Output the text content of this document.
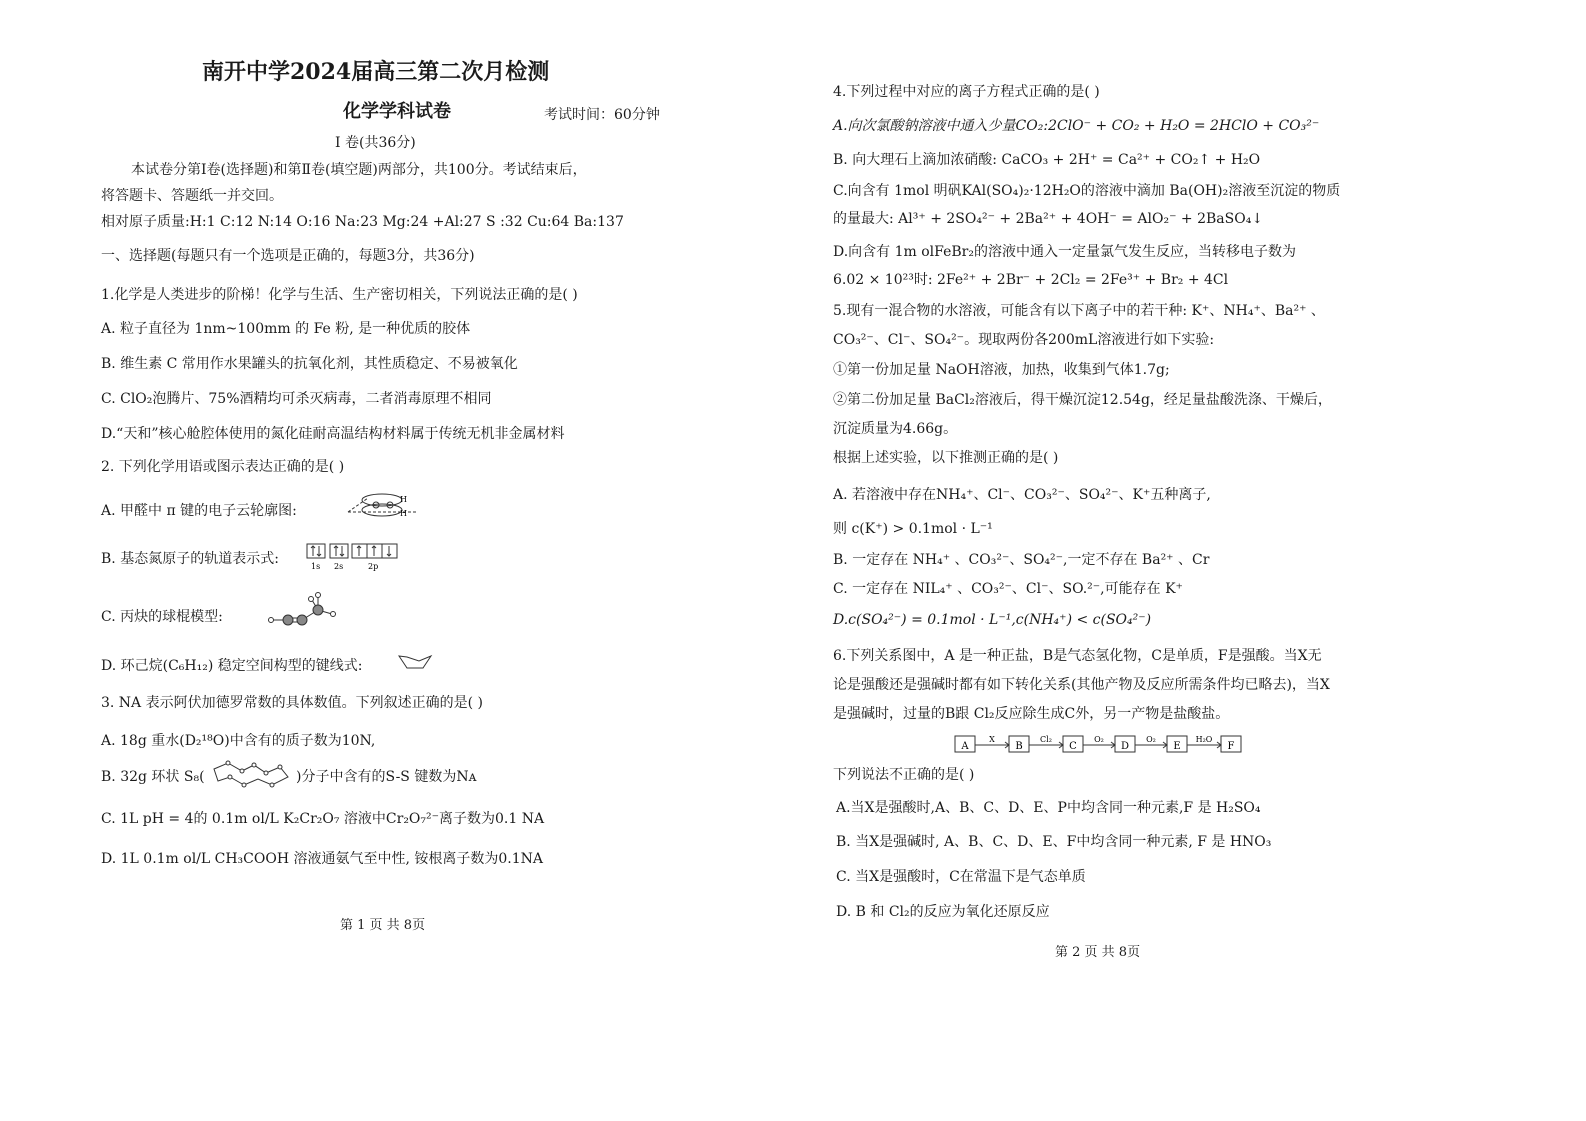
南开中学2024届高三第二次月检测
化学学科试卷	考试时间：60分钟
I 卷(共36分)
本试卷分第Ⅰ卷(选择题)和第Ⅱ卷(填空题)两部分，共100分。考试结束后，
将答题卡、答题纸一并交回。
相对原子质量:H:1 C:12 N:14 O:16 Na:23 Mg:24 +Al:27 S :32 Cu:64 Ba:137
一、选择题(每题只有一个选项是正确的，每题3分，共36分)
1.化学是人类进步的阶梯！化学与生活、生产密切相关，下列说法正确的是( )
A. 粒子直径为 1nm~100mm 的 Fe 粉, 是一种优质的胶体
B. 维生素 C 常用作水果罐头的抗氧化剂，其性质稳定、不易被氧化
C. ClO₂泡腾片、75%酒精均可杀灭病毒，二者消毒原理不相同
D.“天和”核心舱腔体使用的氮化硅耐高温结构材料属于传统无机非金属材料
2. 下列化学用语或图示表达正确的是( )
A. 甲醛中 π 键的电子云轮廓图:
H
H
B. 基态氮原子的轨道表示式:	1s 2s	2p
C. 丙炔的球棍模型:
D. 环己烷(C₆H₁₂) 稳定空间构型的键线式:
3. NA 表示阿伏加德罗常数的具体数值。下列叙述正确的是( )
A. 18g 重水(D₂¹⁸O)中含有的质子数为10N,
B. 32g 环状 S₈(	)分子中含有的S-S 键数为Nᴀ
C. 1L pH = 4的 0.1m ol/L K₂Cr₂O₇ 溶液中Cr₂O₇²⁻离子数为0.1 NA
D. 1L 0.1m ol/L CH₃COOH 溶液通氨气至中性, 铵根离子数为0.1NA
第 1 页 共 8页
4.下列过程中对应的离子方程式正确的是( )
A.向次氯酸钠溶液中通入少量CO₂:2ClO⁻ + CO₂ + H₂O = 2HClO + CO₃²⁻
B. 向大理石上滴加浓硝酸: CaCO₃ + 2H⁺ = Ca²⁺ + CO₂↑ + H₂O
C.向含有 1mol 明矾KAl(SO₄)₂·12H₂O的溶液中滴加 Ba(OH)₂溶液至沉淀的物质
的量最大: Al³⁺ + 2SO₄²⁻ + 2Ba²⁺ + 4OH⁻ = AlO₂⁻ + 2BaSO₄↓
D.向含有 1m olFeBr₂的溶液中通入一定量氯气发生反应，当转移电子数为
6.02 × 10²³时: 2Fe²⁺ + 2Br⁻ + 2Cl₂ = 2Fe³⁺ + Br₂ + 4Cl
5.现有一混合物的水溶液，可能含有以下离子中的若干种: K⁺、NH₄⁺、Ba²⁺ 、
CO₃²⁻、Cl⁻、SO₄²⁻。现取两份各200mL溶液进行如下实验:
①第一份加足量 NaOH溶液，加热，收集到气体1.7g;
②第二份加足量 BaCl₂溶液后，得干燥沉淀12.54g，经足量盐酸洗涤、干燥后，
沉淀质量为4.66g。
根据上述实验，以下推测正确的是( )
A. 若溶液中存在NH₄⁺、Cl⁻、CO₃²⁻、SO₄²⁻、K⁺五种离子,
则 c(K⁺) > 0.1mol · L⁻¹
B. 一定存在 NH₄⁺ 、CO₃²⁻、SO₄²⁻,一定不存在 Ba²⁺ 、Cr
C. 一定存在 NIL₄⁺ 、CO₃²⁻、Cl⁻、SO.²⁻,可能存在 K⁺
D.c(SO₄²⁻) = 0.1mol · L⁻¹,c(NH₄⁺) < c(SO₄²⁻)
6.下列关系图中，A 是一种正盐，B是气态氢化物，C是单质，F是强酸。当X无
论是强酸还是强碱时都有如下转化关系(其他产物及反应所需条件均已略去)，当X
是强碱时，过量的B跟 Cl₂反应除生成C外，另一产物是盐酸盐。
A	B	C	D	E	F
X	Cl₂	O₂	O₂	H₂O
下列说法不正确的是( )
A.当X是强酸时,A、B、C、D、E、P中均含同一种元素,F 是 H₂SO₄
B. 当X是强碱时, A、B、C、D、E、F中均含同一种元素, F 是 HNO₃
C. 当X是强酸时，C在常温下是气态单质
D. B 和 Cl₂的反应为氧化还原反应
第 2 页 共 8页
